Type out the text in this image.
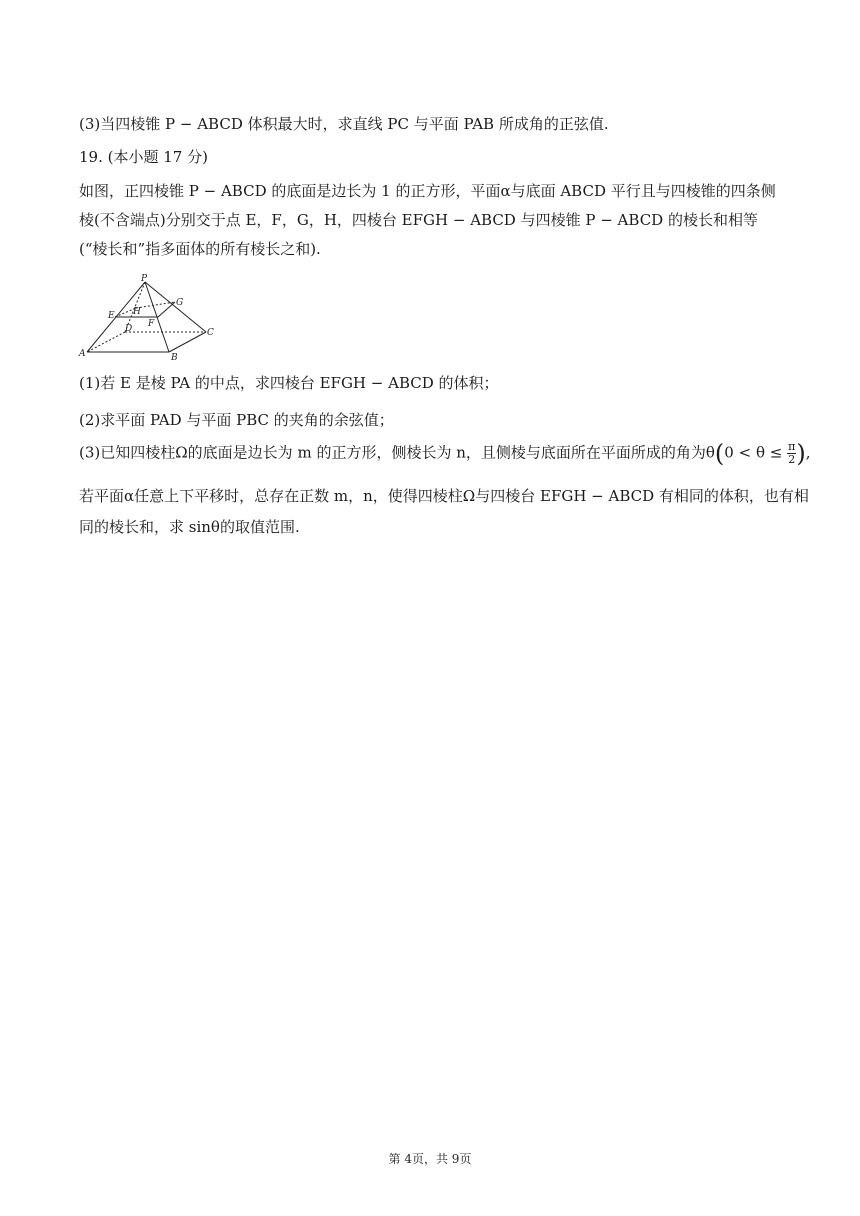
(3)当四棱锥 P − ABCD 体积最大时，求直线 PC 与平面 PAB 所成角的正弦值.
19. (本小题 17 分)
如图，正四棱锥 P − ABCD 的底面是边长为 1 的正方形，平面α与底面 ABCD 平行且与四棱锥的四条侧棱(不含端点)分别交于点 E，F，G，H，四棱台 EFGH − ABCD 与四棱锥 P − ABCD 的棱长和相等(“棱长和”指多面体的所有棱长之和).
P
G
E H
F
D	C
A	B
(1)若 E 是棱 PA 的中点，求四棱台 EFGH − ABCD 的体积；
(2)求平面 PAD 与平面 PBC 的夹角的余弦值；
(3)已知四棱柱Ω的底面是边长为 m 的正方形，侧棱长为 n，且侧棱与底面所在平面所成的角为$\theta(0 < \theta \le \frac{\pi}{2}$ ),
若平面α任意上下平移时，总存在正数 m，n，使得四棱柱Ω与四棱台 EFGH − ABCD 有相同的体积，也有相
同的棱长和，求 sinθ的取值范围.
第 4页，共 9页
